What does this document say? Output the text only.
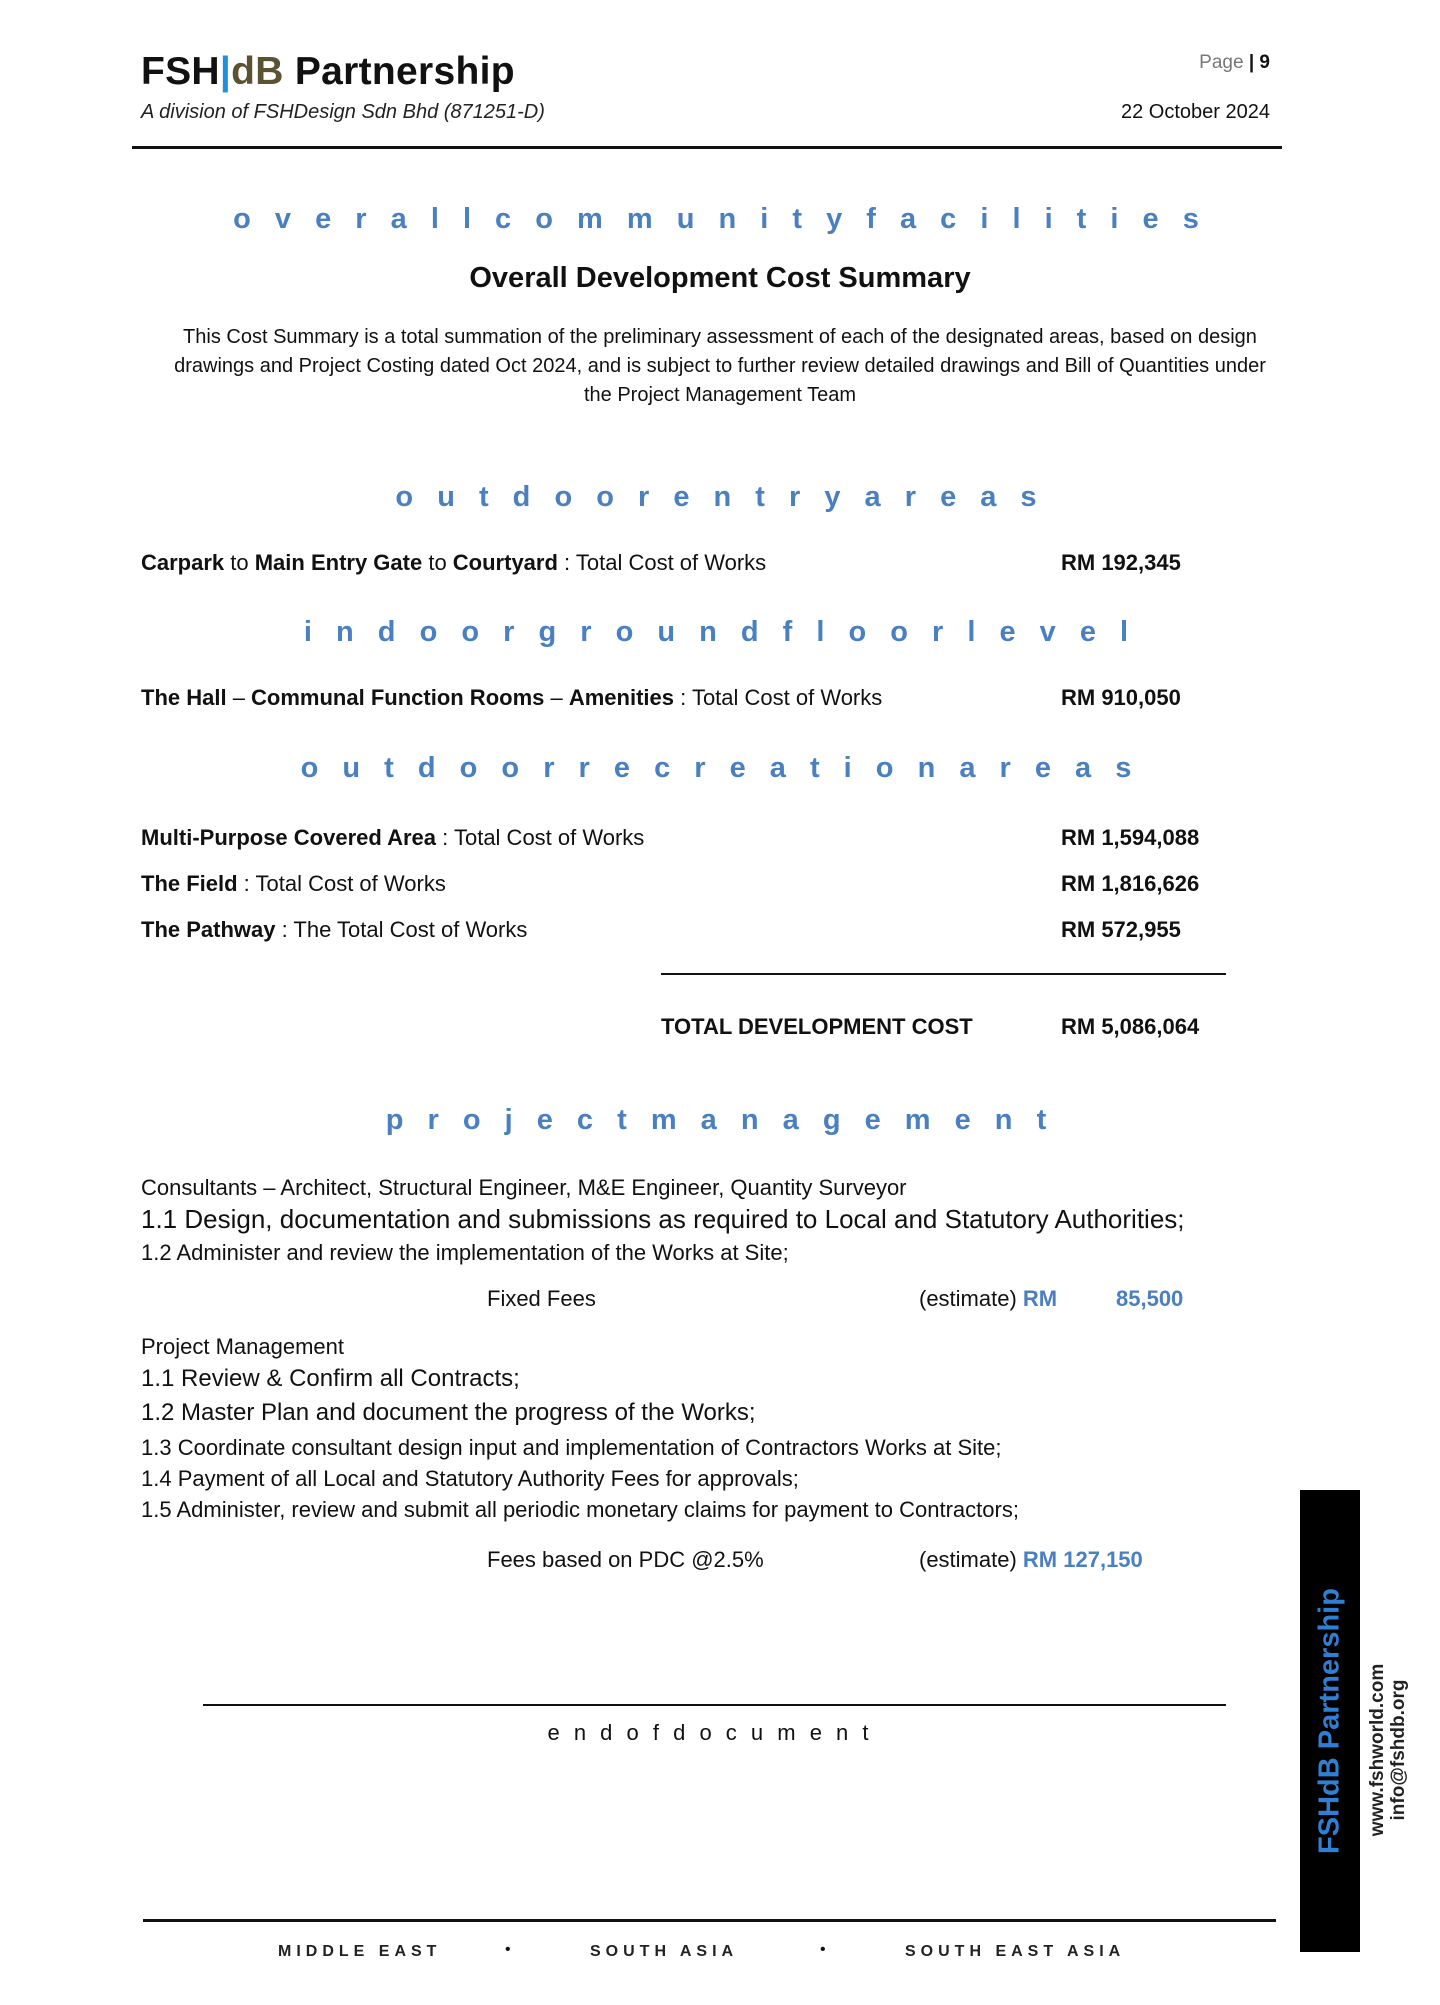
FSH|dB Partnership
A division of FSHDesign Sdn Bhd (871251-D)
Page | 9
22 October 2024
o v e r a l l c o m m u n i t y f a c i l i t i e s
Overall Development Cost Summary
This Cost Summary is a total summation of the preliminary assessment of each of the designated areas, based on design drawings and Project Costing dated Oct 2024, and is subject to further review detailed drawings and Bill of Quantities under the Project Management Team
o u t d o o r e n t r y a r e a s
Carpark to Main Entry Gate to Courtyard : Total Cost of Works	RM 192,345
i n d o o r g r o u n d f l o o r l e v e l
The Hall – Communal Function Rooms – Amenities : Total Cost of Works	RM 910,050
o u t d o o r r e c r e a t i o n a r e a s
Multi-Purpose Covered Area : Total Cost of Works	RM 1,594,088
The Field : Total Cost of Works	RM 1,816,626
The Pathway : The Total Cost of Works	RM 572,955
TOTAL DEVELOPMENT COST	RM 5,086,064
p r o j e c t m a n a g e m e n t
Consultants – Architect, Structural Engineer, M&E Engineer, Quantity Surveyor
1.1 Design, documentation and submissions as required to Local and Statutory Authorities;
1.2 Administer and review the implementation of the Works at Site;
Fixed Fees	(estimate) RM	85,500
Project Management
1.1 Review & Confirm all Contracts;
1.2 Master Plan and document the progress of the Works;
1.3 Coordinate consultant design input and implementation of Contractors Works at Site;
1.4 Payment of all Local and Statutory Authority Fees for approvals;
1.5 Administer, review and submit all periodic monetary claims for payment to Contractors;
Fees based on PDC @2.5%	(estimate) RM 127,150
e n d o f d o c u m e n t	FSHdB Partnership www.fshworld.com info@fshdb.org
MIDDLE EAST	•	SOUTH ASIA	•	SOUTH EAST ASIA
